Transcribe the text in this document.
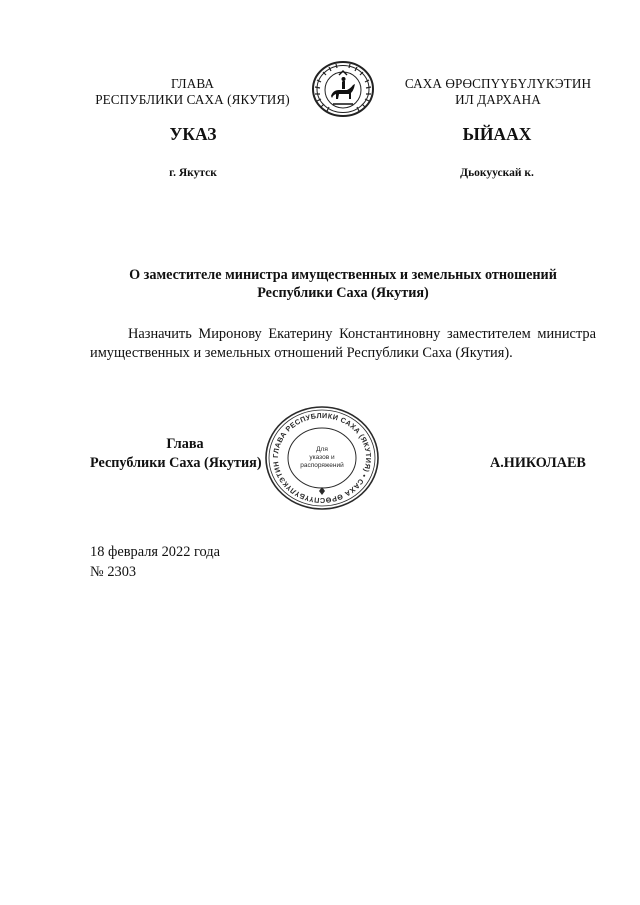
ГЛАВА
РЕСПУБЛИКИ САХА (ЯКУТИЯ)
САХА ӨРӨСПҮҮБҮЛҮКЭТИН
ИЛ ДАРХАНА
УКАЗ	ЫЙААХ
г. Якутск	Дьокуускай к.
О заместителе министра имущественных и земельных отношений
Республики Саха (Якутия)

Назначить Миронову Екатерину Константиновну заместителем министра имущественных и земельных отношений Республики Саха (Якутия).

Глава
Республики Саха (Якутия)	А.НИКОЛАЕВ
ГЛАВА РЕСПУБЛИКИ САХА (ЯКУТИЯ) • САХА ӨРӨСПҮҮБҮЛҮКЭТИН
Для
указов и
распоряжений
18 февраля 2022 года
№ 2303
